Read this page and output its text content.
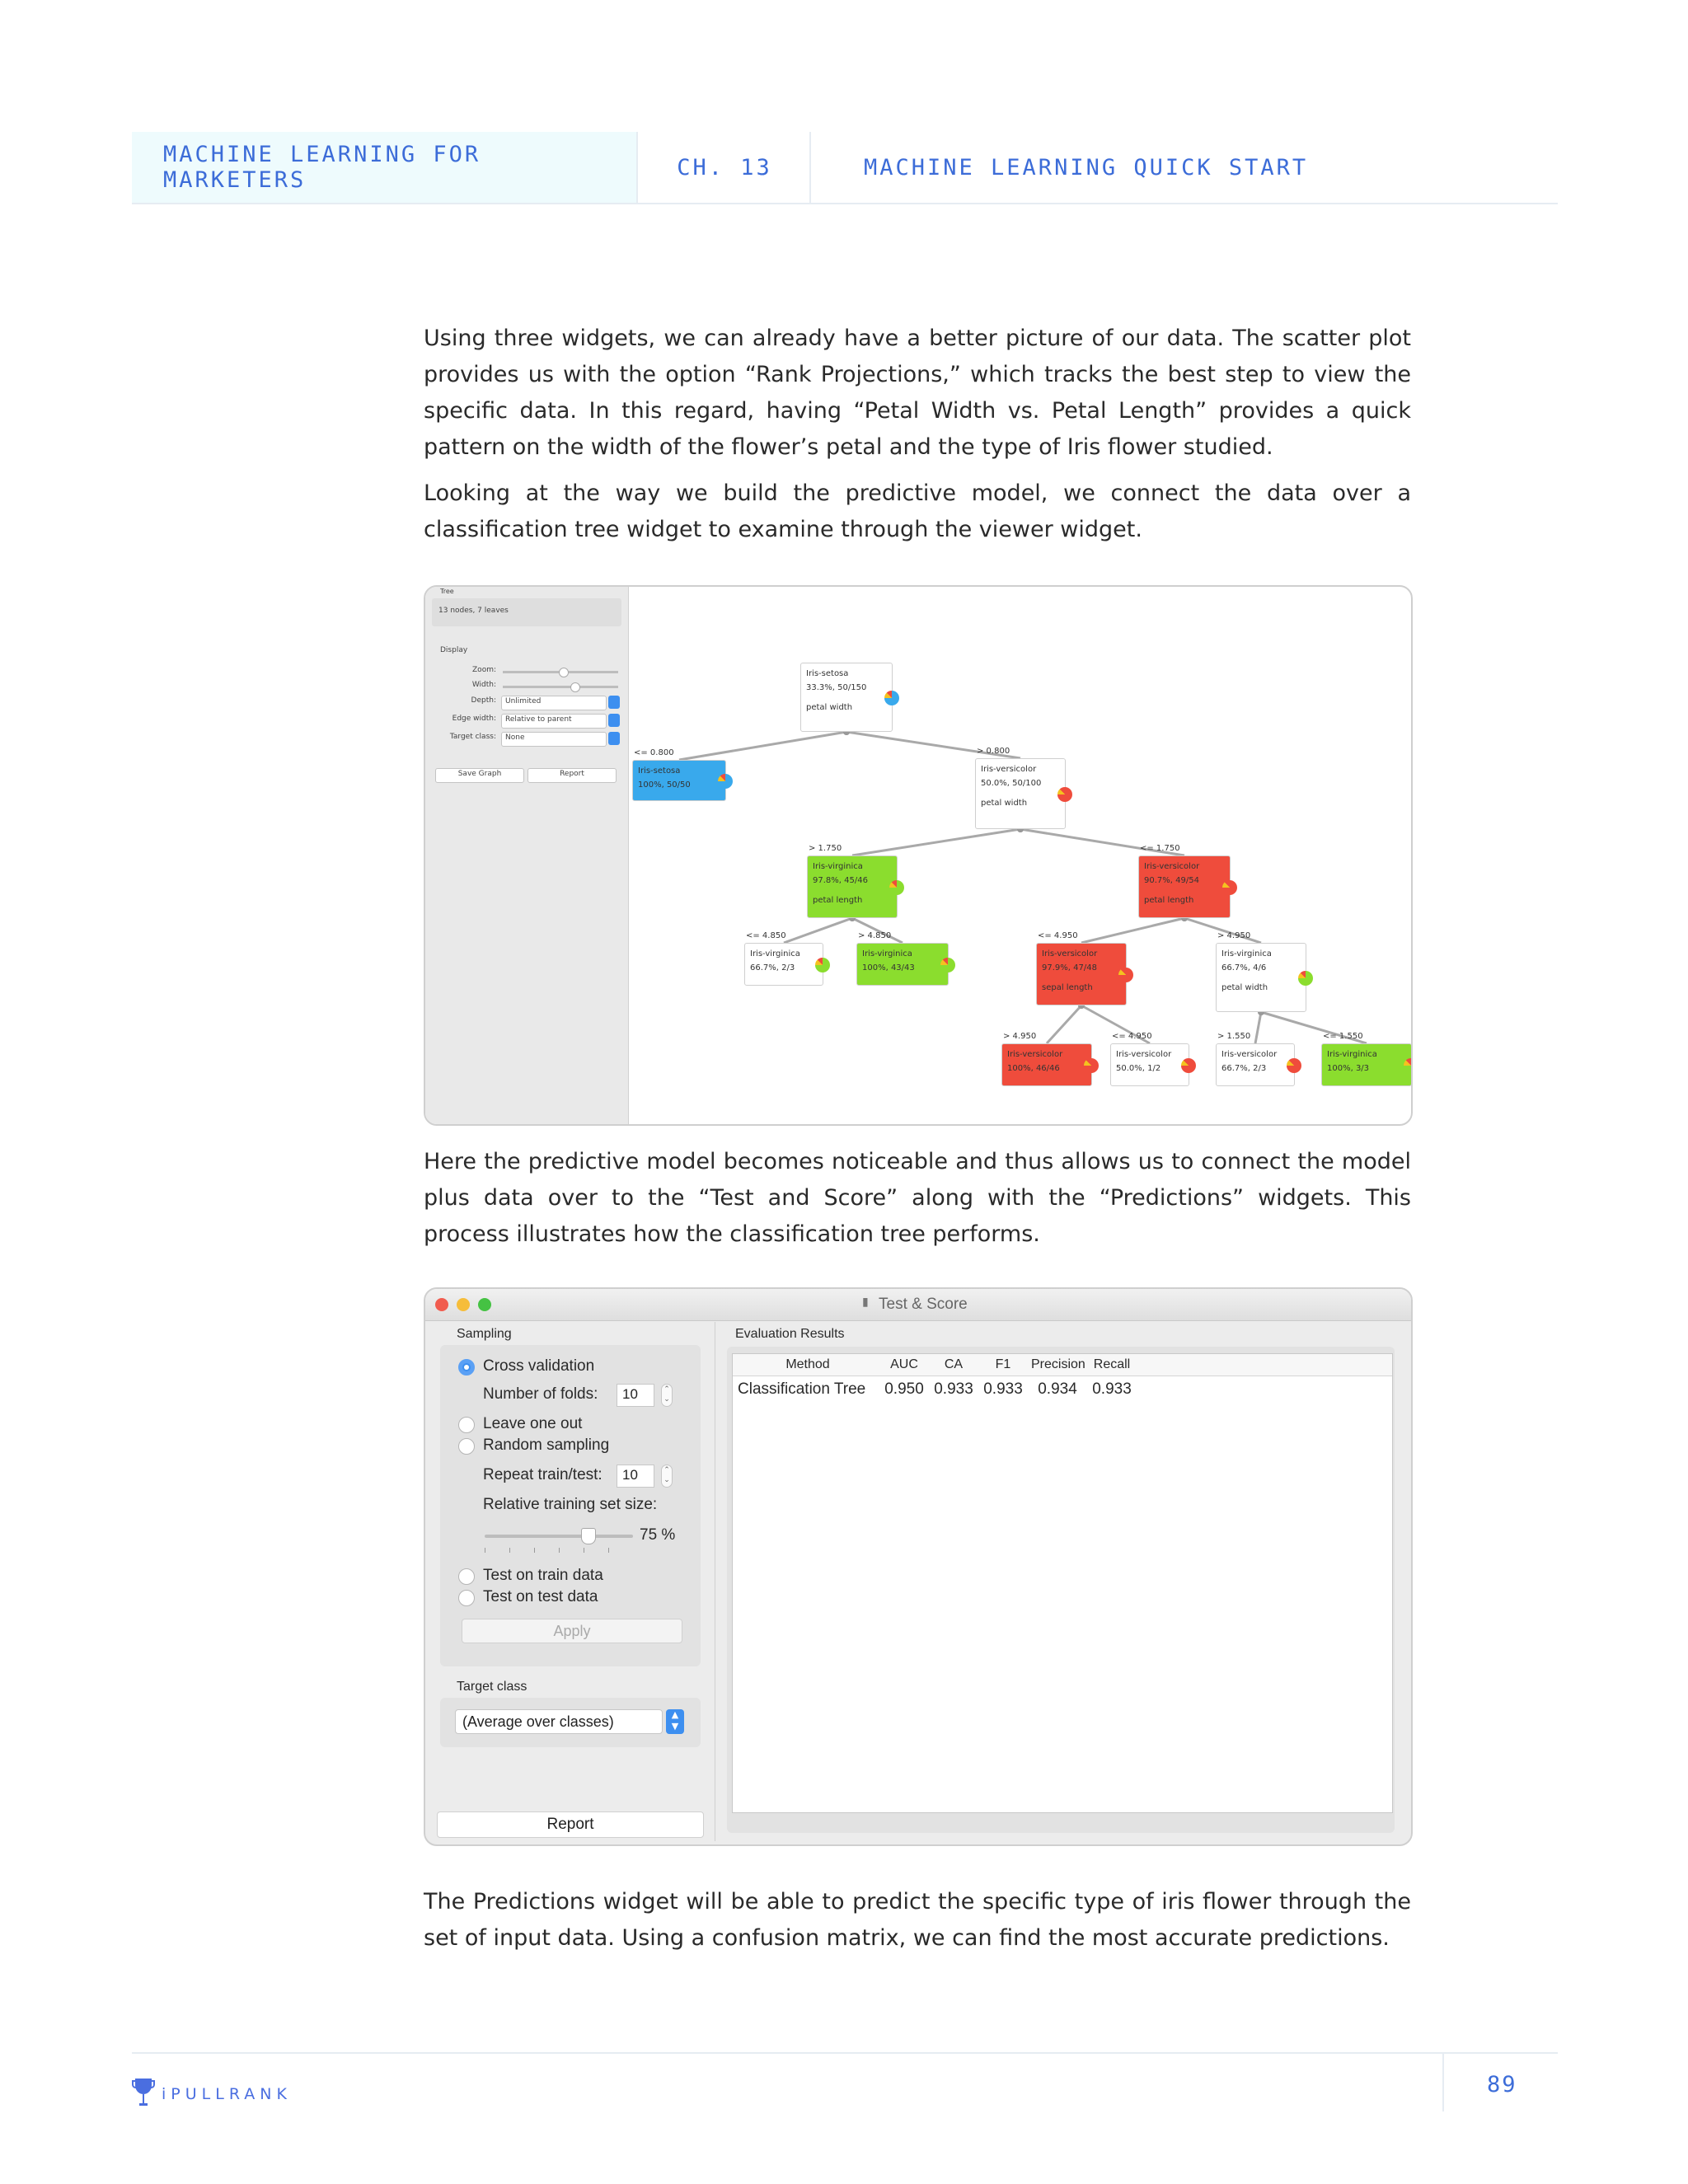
MACHINE LEARNING FOR MARKETERS	CH. 13	MACHINE LEARNING QUICK START

Using three widgets, we can already have a better picture of our data. The scatter plot provides us with the option “Rank Projections,” which tracks the best step to view the specific data. In this regard, having “Petal Width vs. Petal Length” provides a quick pattern on the width of the flower’s petal and the type of Iris flower studied.

Looking at the way we build the predictive model, we connect the data over a classification tree widget to examine through the viewer widget.

Tree
13 nodes, 7 leaves
Display
Zoom:
Width:
Depth:	Unlimited
Edge width:	Relative to parent
Target class:	None
Save Graph	Report
Iris-setosa
33.3%, 50/150
petal width
Iris-setosa
100%, 50/50
<= 0.800
Iris-versicolor
50.0%, 50/100
petal width
> 0.800
Iris-virginica
97.8%, 45/46
petal length
> 1.750
Iris-versicolor
90.7%, 49/54
petal length
<= 1.750
Iris-virginica
66.7%, 2/3
<= 4.850
Iris-virginica
100%, 43/43
> 4.850
Iris-versicolor
97.9%, 47/48
sepal length
<= 4.950
Iris-virginica
66.7%, 4/6
petal width
> 4.950
Iris-versicolor
100%, 46/46
> 4.950
Iris-versicolor
50.0%, 1/2
<= 4.950
Iris-versicolor
66.7%, 2/3
> 1.550
Iris-virginica
100%, 3/3
<= 1.550

Here the predictive model becomes noticeable and thus allows us to connect the model plus data over to the “Test and Score” along with the “Predictions” widgets. This process illustrates how the classification tree performs.

▮ Test & Score
Sampling
Cross validation
Number of folds:	10	⌃
⌄
Leave one out
Random sampling
Repeat train/test:	10	⌃
⌄
Relative training set size:
75 %
Test on train data
Test on test data
Apply
Target class
(Average over classes)	▲
▼
Report
Evaluation Results
Method	AUC	CA	F1	Precision Recall
Classification Tree	0.950 0.933 0.933 0.934 0.933

The Predictions widget will be able to predict the specific type of iris flower through the set of input data. Using a confusion matrix, we can find the most accurate predictions.

iPULLRANK	89
